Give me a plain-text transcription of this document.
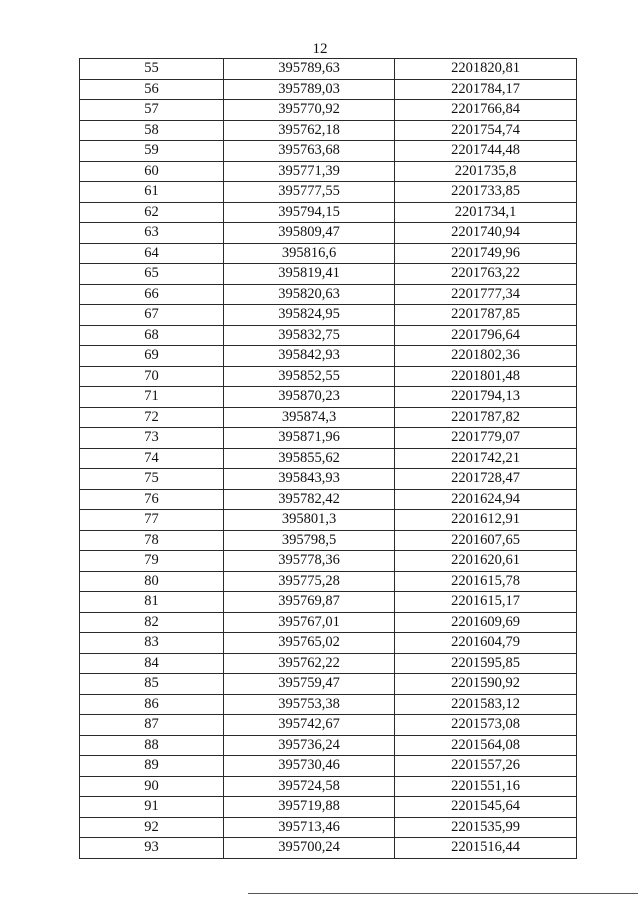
12
55	395789,63	2201820,81
56	395789,03	2201784,17
57	395770,92	2201766,84
58	395762,18	2201754,74
59	395763,68	2201744,48
60	395771,39	2201735,8
61	395777,55	2201733,85
62	395794,15	2201734,1
63	395809,47	2201740,94
64	395816,6	2201749,96
65	395819,41	2201763,22
66	395820,63	2201777,34
67	395824,95	2201787,85
68	395832,75	2201796,64
69	395842,93	2201802,36
70	395852,55	2201801,48
71	395870,23	2201794,13
72	395874,3	2201787,82
73	395871,96	2201779,07
74	395855,62	2201742,21
75	395843,93	2201728,47
76	395782,42	2201624,94
77	395801,3	2201612,91
78	395798,5	2201607,65
79	395778,36	2201620,61
80	395775,28	2201615,78
81	395769,87	2201615,17
82	395767,01	2201609,69
83	395765,02	2201604,79
84	395762,22	2201595,85
85	395759,47	2201590,92
86	395753,38	2201583,12
87	395742,67	2201573,08
88	395736,24	2201564,08
89	395730,46	2201557,26
90	395724,58	2201551,16
91	395719,88	2201545,64
92	395713,46	2201535,99
93	395700,24	2201516,44
